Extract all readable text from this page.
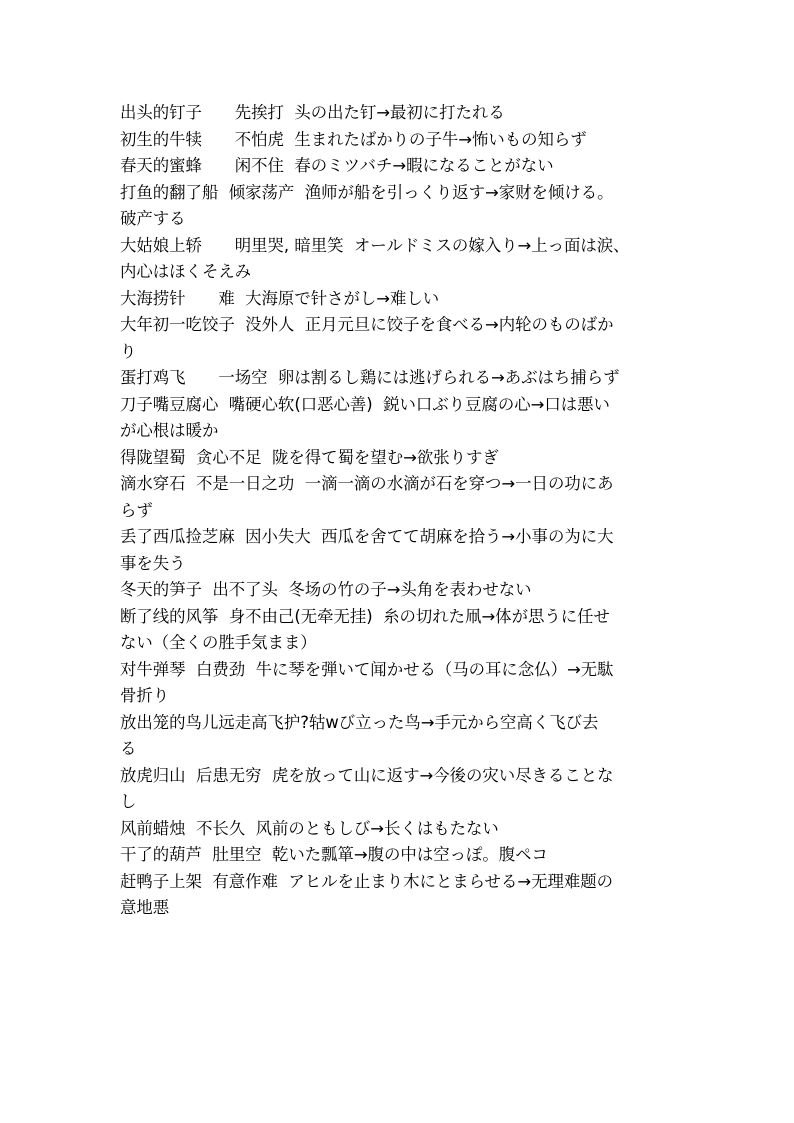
出头的钉子　　先挨打  头の出た钉→最初に打たれる
初生的牛犊　　不怕虎  生まれたばかりの子牛→怖いもの知らず
春天的蜜蜂　　闲不住  春のミツバチ→暇になることがない
打鱼的翻了船  倾家荡产  渔师が船を引っくり返す→家财を倾ける。
破产する
大姑娘上轿　　明里哭, 暗里笑  オールドミスの嫁入り→上っ面は涙、
内心はほくそえみ
大海捞针　　难  大海原で针さがし→难しい
大年初一吃饺子  没外人  正月元旦に饺子を食べる→内轮のものばか
り
蛋打鸡飞　　一场空  卵は割るし鶏には逃げられる→あぶはち捕らず
刀子嘴豆腐心  嘴硬心软(口恶心善)  鋭い口ぶり豆腐の心→口は悪い
が心根は暖か
得陇望蜀  贪心不足  陇を得て蜀を望む→欲张りすぎ
滴水穿石  不是一日之功  一滴一滴の水滴が石を穿つ→一日の功にあ
らず
丢了西瓜捡芝麻  因小失大  西瓜を舍てて胡麻を拾う→小事の为に大
事を失う
冬天的笋子  出不了头  冬场の竹の子→头角を表わせない
断了线的风筝  身不由己(无牵无挂)  糸の切れた凧→体が思うに任せ
ない（全くの胜手気まま）
对牛弹琴  白费劲  牛に琴を弾いて闻かせる（马の耳に念仏）→无駄
骨折り
放出笼的鸟儿远走高飞护?轱wび立った鸟→手元から空高く飞び去
る
放虎归山  后患无穷  虎を放って山に返す→今後の灾い尽きることな
し
风前蜡烛  不长久  风前のともしび→长くはもたない
干了的葫芦  肚里空  乾いた瓢箪→腹の中は空っぽ。腹ペコ
赶鸭子上架  有意作难  アヒルを止まり木にとまらせる→无理难题の
意地悪
